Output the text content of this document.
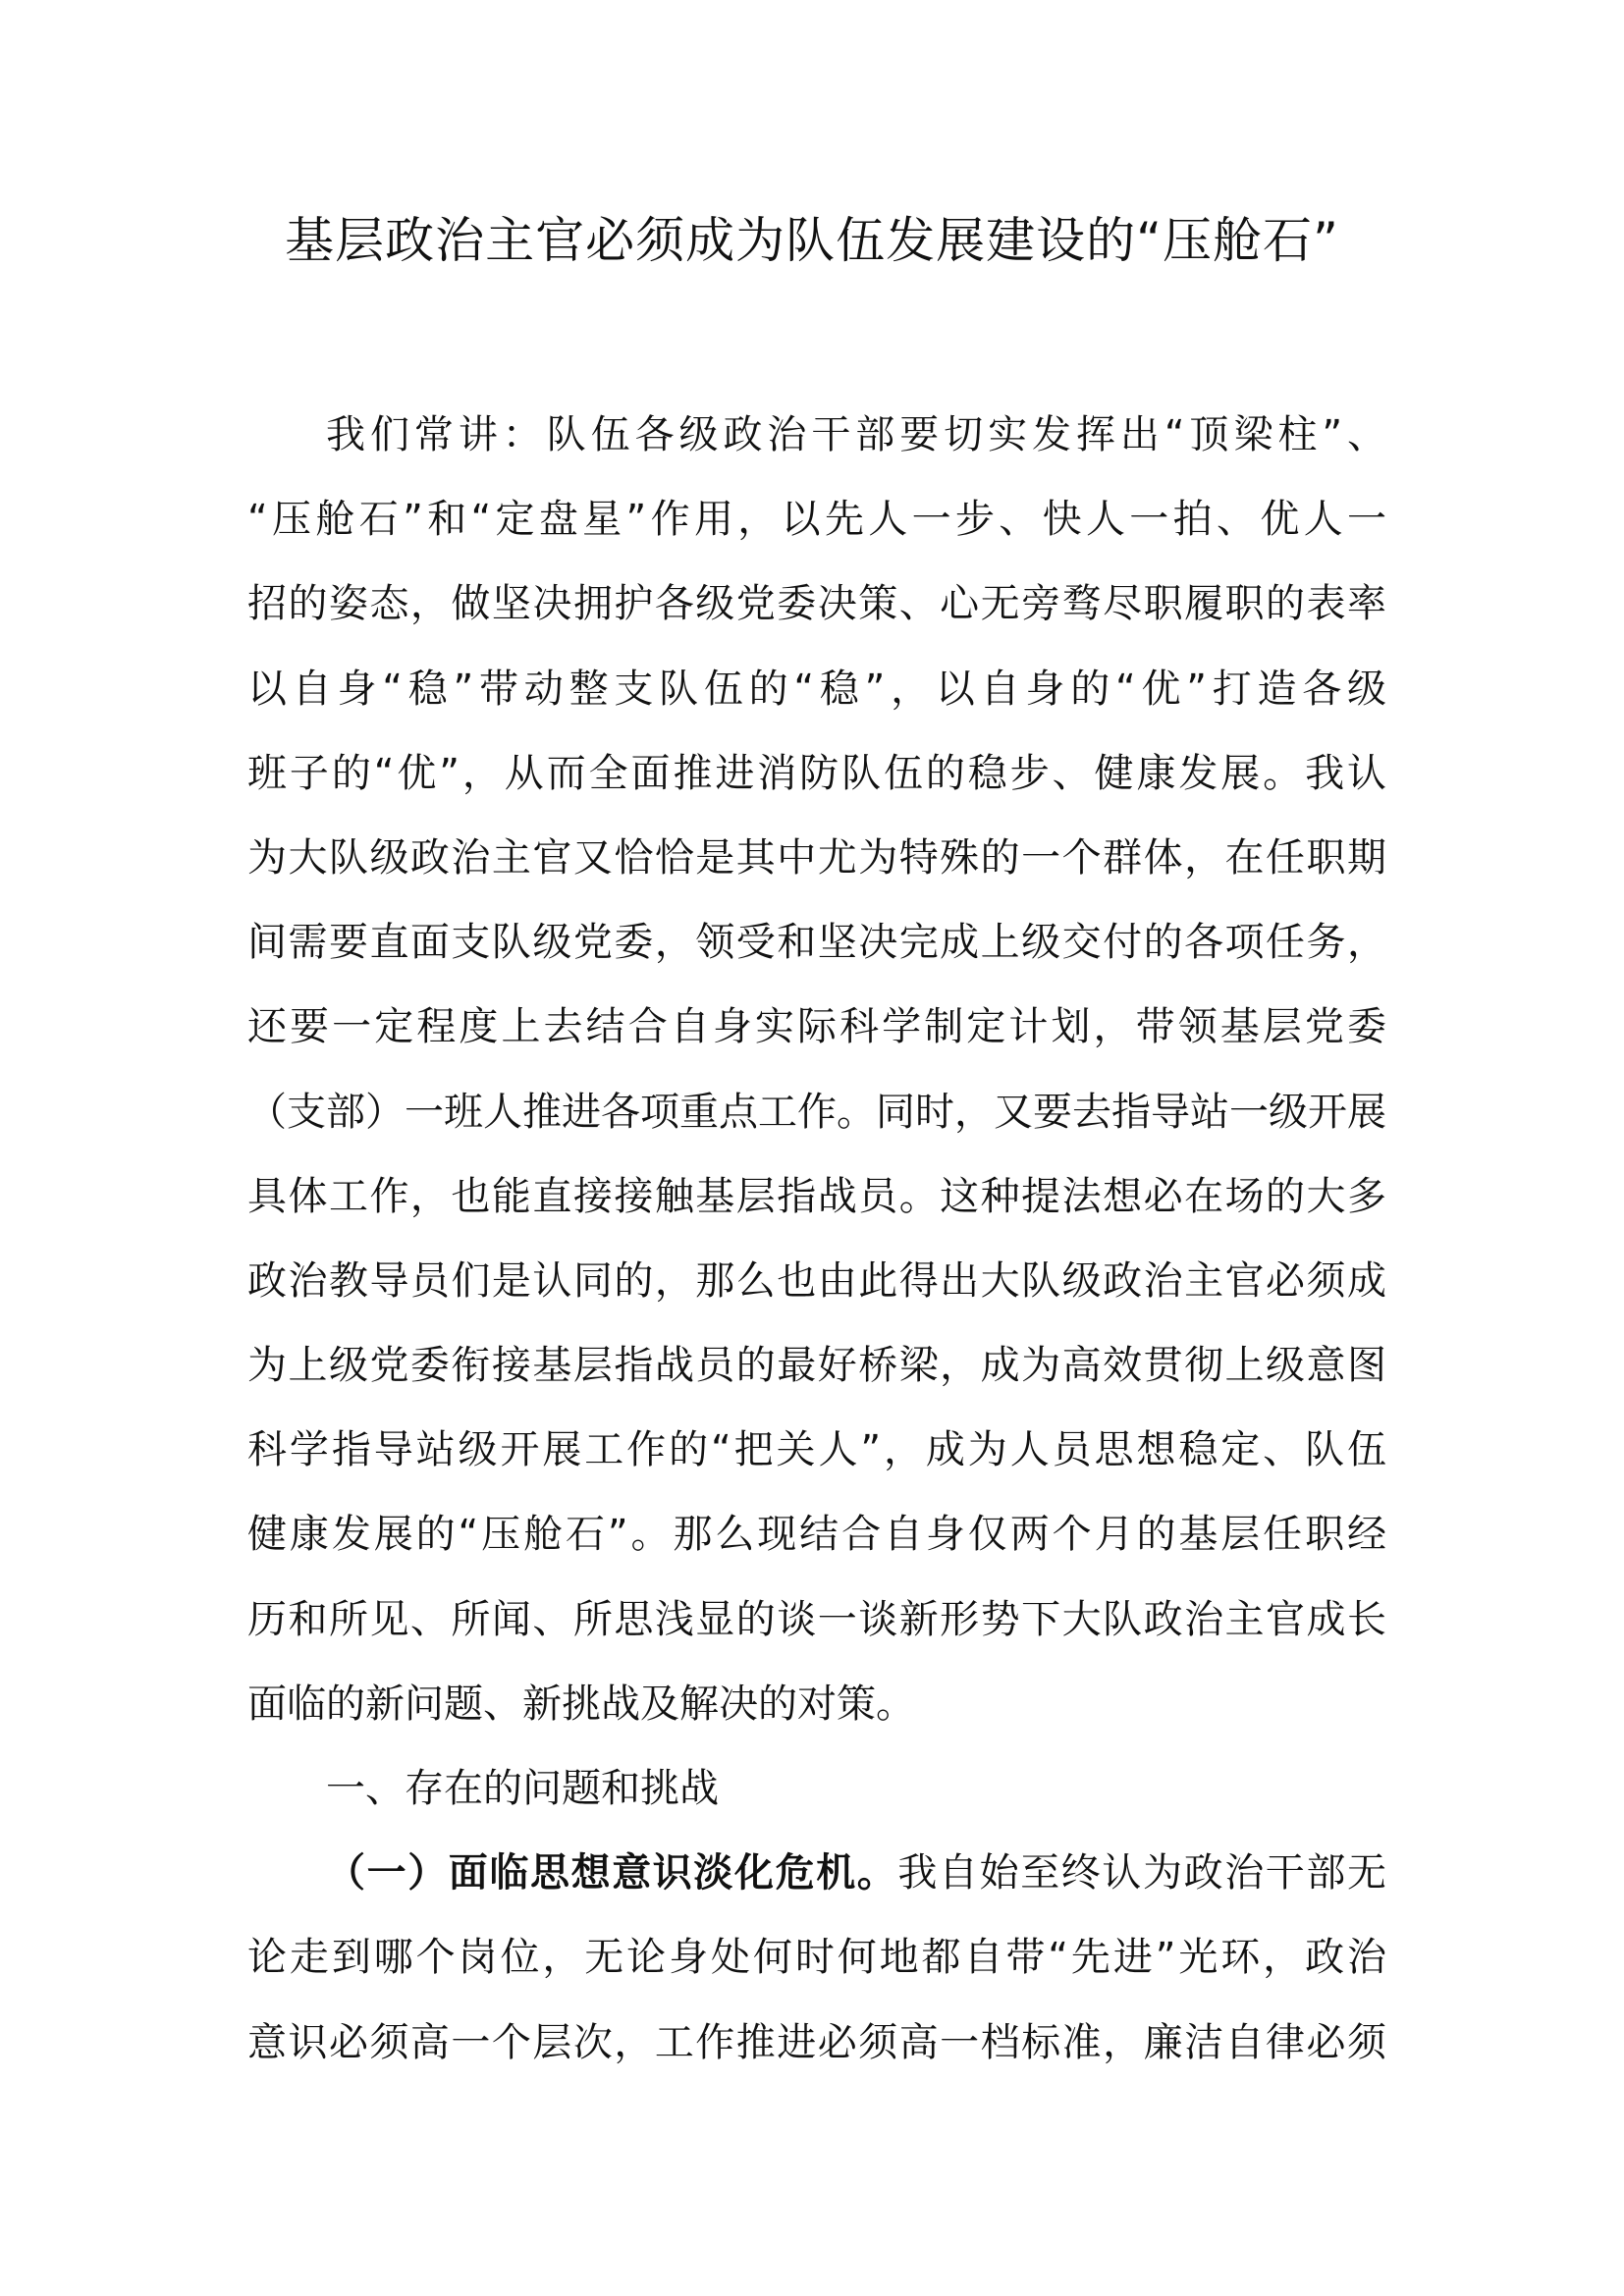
基层政治主官必须成为队伍发展建设的“压舱石”
我们常讲：队伍各级政治干部要切实发挥出“顶梁柱”、
“压舱石”和“定盘星”作用，以先人一步、快人一拍、优人一
招的姿态，做坚决拥护各级党委决策、心无旁骛尽职履职的表率
以自身“稳”带动整支队伍的“稳”，以自身的“优”打造各级
班子的“优”，从而全面推进消防队伍的稳步、健康发展。我认
为大队级政治主官又恰恰是其中尤为特殊的一个群体，在任职期
间需要直面支队级党委，领受和坚决完成上级交付的各项任务，
还要一定程度上去结合自身实际科学制定计划，带领基层党委
（支部）一班人推进各项重点工作。同时，又要去指导站一级开展
具体工作，也能直接接触基层指战员。这种提法想必在场的大多
政治教导员们是认同的，那么也由此得出大队级政治主官必须成
为上级党委衔接基层指战员的最好桥梁，成为高效贯彻上级意图
科学指导站级开展工作的“把关人”，成为人员思想稳定、队伍
健康发展的“压舱石”。那么现结合自身仅两个月的基层任职经
历和所见、所闻、所思浅显的谈一谈新形势下大队政治主官成长
面临的新问题、新挑战及解决的对策。
一、存在的问题和挑战
（一）面临思想意识淡化危机。我自始至终认为政治干部无
论走到哪个岗位，无论身处何时何地都自带“先进”光环，政治
意识必须高一个层次，工作推进必须高一档标准，廉洁自律必须
